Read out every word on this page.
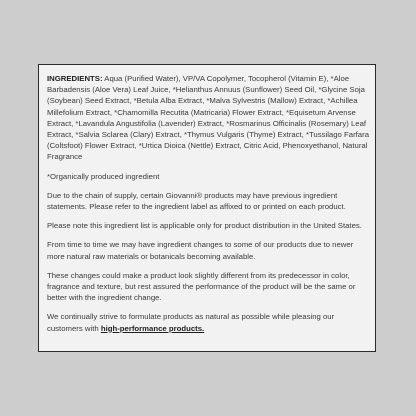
INGREDIENTS: Aqua (Purified Water), VP/VA Copolymer, Tocopherol (Vitamin E), *Aloe Barbadensis (Aloe Vera) Leaf Juice, *Helianthus Annuus (Sunflower) Seed Oil, *Glycine Soja (Soybean) Seed Extract, *Betula Alba Extract, *Malva Sylvestris (Mallow) Extract, *Achillea Millefolium Extract, *Chamomilla Recutita (Matricaria) Flower Extract, *Equisetum Arvense Extract, *Lavandula Angustifolia (Lavender) Extract, *Rosmarinus Officinalis (Rosemary) Leaf Extract, *Salvia Sclarea (Clary) Extract, *Thymus Vulgaris (Thyme) Extract, *Tussilago Farfara (Coltsfoot) Flower Extract, *Urtica Dioica (Nettle) Extract, Citric Acid, Phenoxyethanol, Natural Fragrance

*Organically produced ingredient

Due to the chain of supply, certain Giovanni® products may have previous ingredient statements. Please refer to the ingredient label as affixed to or printed on each product.

Please note this ingredient list is applicable only for product distribution in the United States.

From time to time we may have ingredient changes to some of our products due to newer more natural raw materials or botanicals becoming available.

These changes could make a product look slightly different from its predecessor in color, fragrance and texture, but rest assured the performance of the product will be the same or better with the ingredient change.

We continually strive to formulate products as natural as possible while pleasing our customers with high-performance products.
